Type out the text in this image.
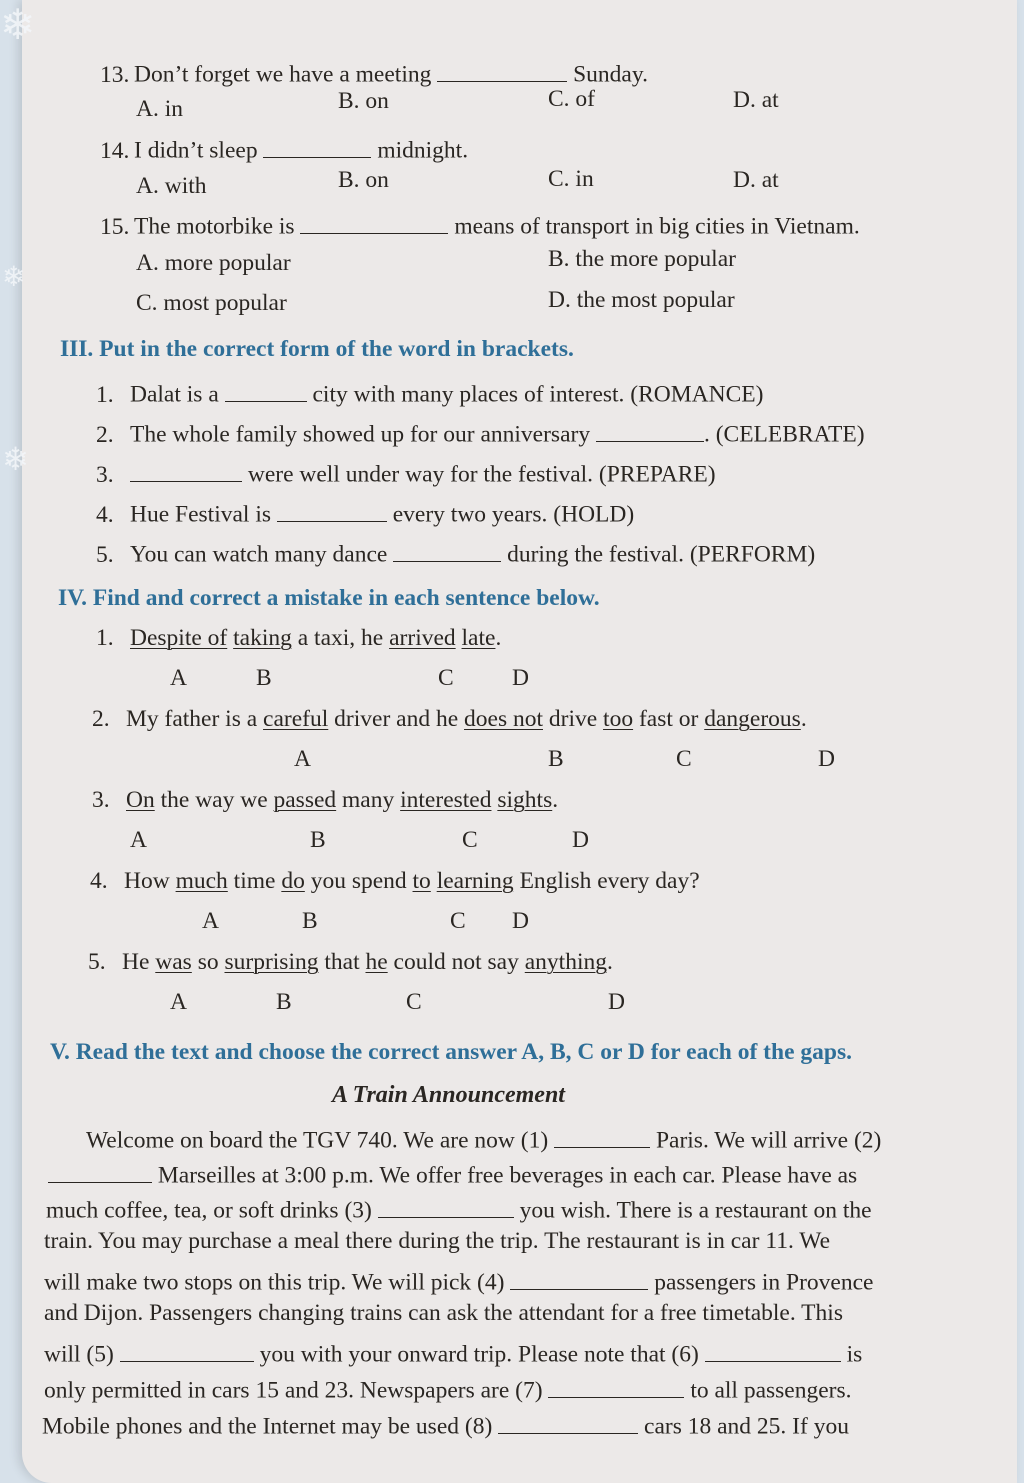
❄
❄
❄
13. Don’t forget we have a meeting	Sunday.
A. in	B. on	C. of	D. at
14. I didn’t sleep	midnight.
A. with	B. on	C. in	D. at
15. The motorbike is	means of transport in big cities in Vietnam.
A. more popular	B. the more popular
C. most popular	D. the most popular
III. Put in the correct form of the word in brackets.
1. Dalat is a	city with many places of interest. (ROMANCE)
2. The whole family showed up for our anniversary	. (CELEBRATE)
3.	were well under way for the festival. (PREPARE)
4. Hue Festival is	every two years. (HOLD)
5. You can watch many dance	during the festival. (PERFORM)
IV. Find and correct a mistake in each sentence below.
1. Despite of taking a taxi, he arrived late.
A	B	C D
2. My father is a careful driver and he does not drive too fast or dangerous.
A	B	C	D
3. On the way we passed many interested sights.
A	B	C	D
4. How much time do you spend to learning English every day?
A	B	C D
5. He was so surprising that he could not say anything.
A	B	C	D
V. Read the text and choose the correct answer A, B, C or D for each of the gaps.
A Train Announcement
Welcome on board the TGV 740. We are now (1)	Paris. We will arrive (2)
Marseilles at 3:00 p.m. We offer free beverages in each car. Please have as
much coffee, tea, or soft drinks (3)	you wish. There is a restaurant on the
train. You may purchase a meal there during the trip. The restaurant is in car 11. We
will make two stops on this trip. We will pick (4)	passengers in Provence
and Dijon. Passengers changing trains can ask the attendant for a free timetable. This
will (5)	you with your onward trip. Please note that (6)	is
only permitted in cars 15 and 23. Newspapers are (7)	to all passengers.
Mobile phones and the Internet may be used (8)	cars 18 and 25. If you
